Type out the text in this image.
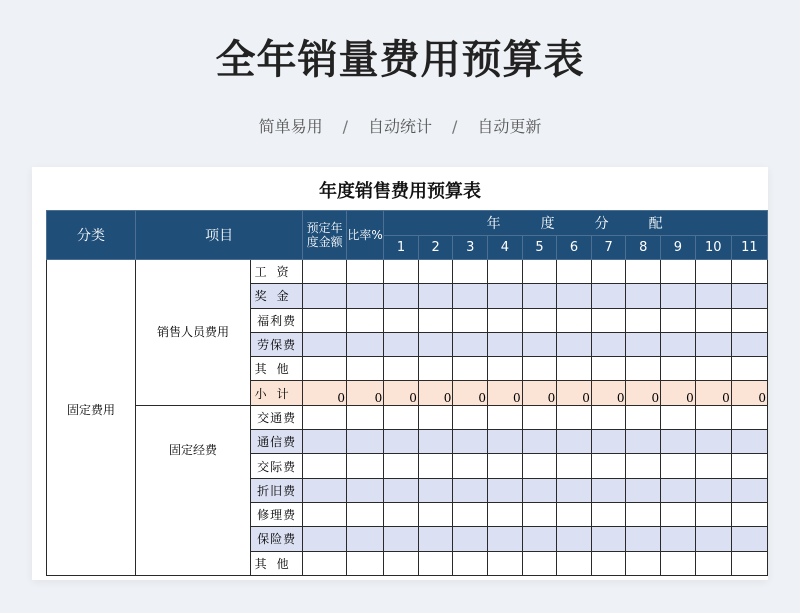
全年销量费用预算表
简单易用 / 自动统计 / 自动更新
年度销售费用预算表
分类	项目		预定年度金额	比率%	年 度 分 配										
					1	2	3	4	5	6	7	8	9	10	11
固定费用	销售人员费用	工资													
		奖金													
		福利费													
		劳保费													
		其他													
		小计	0	0	0	0	0	0	0	0	0	0	0	0	0
	固定经费	交通费													
		通信费													
		交际费													
		折旧费													
		修理费													
		保险费													
		其他													
